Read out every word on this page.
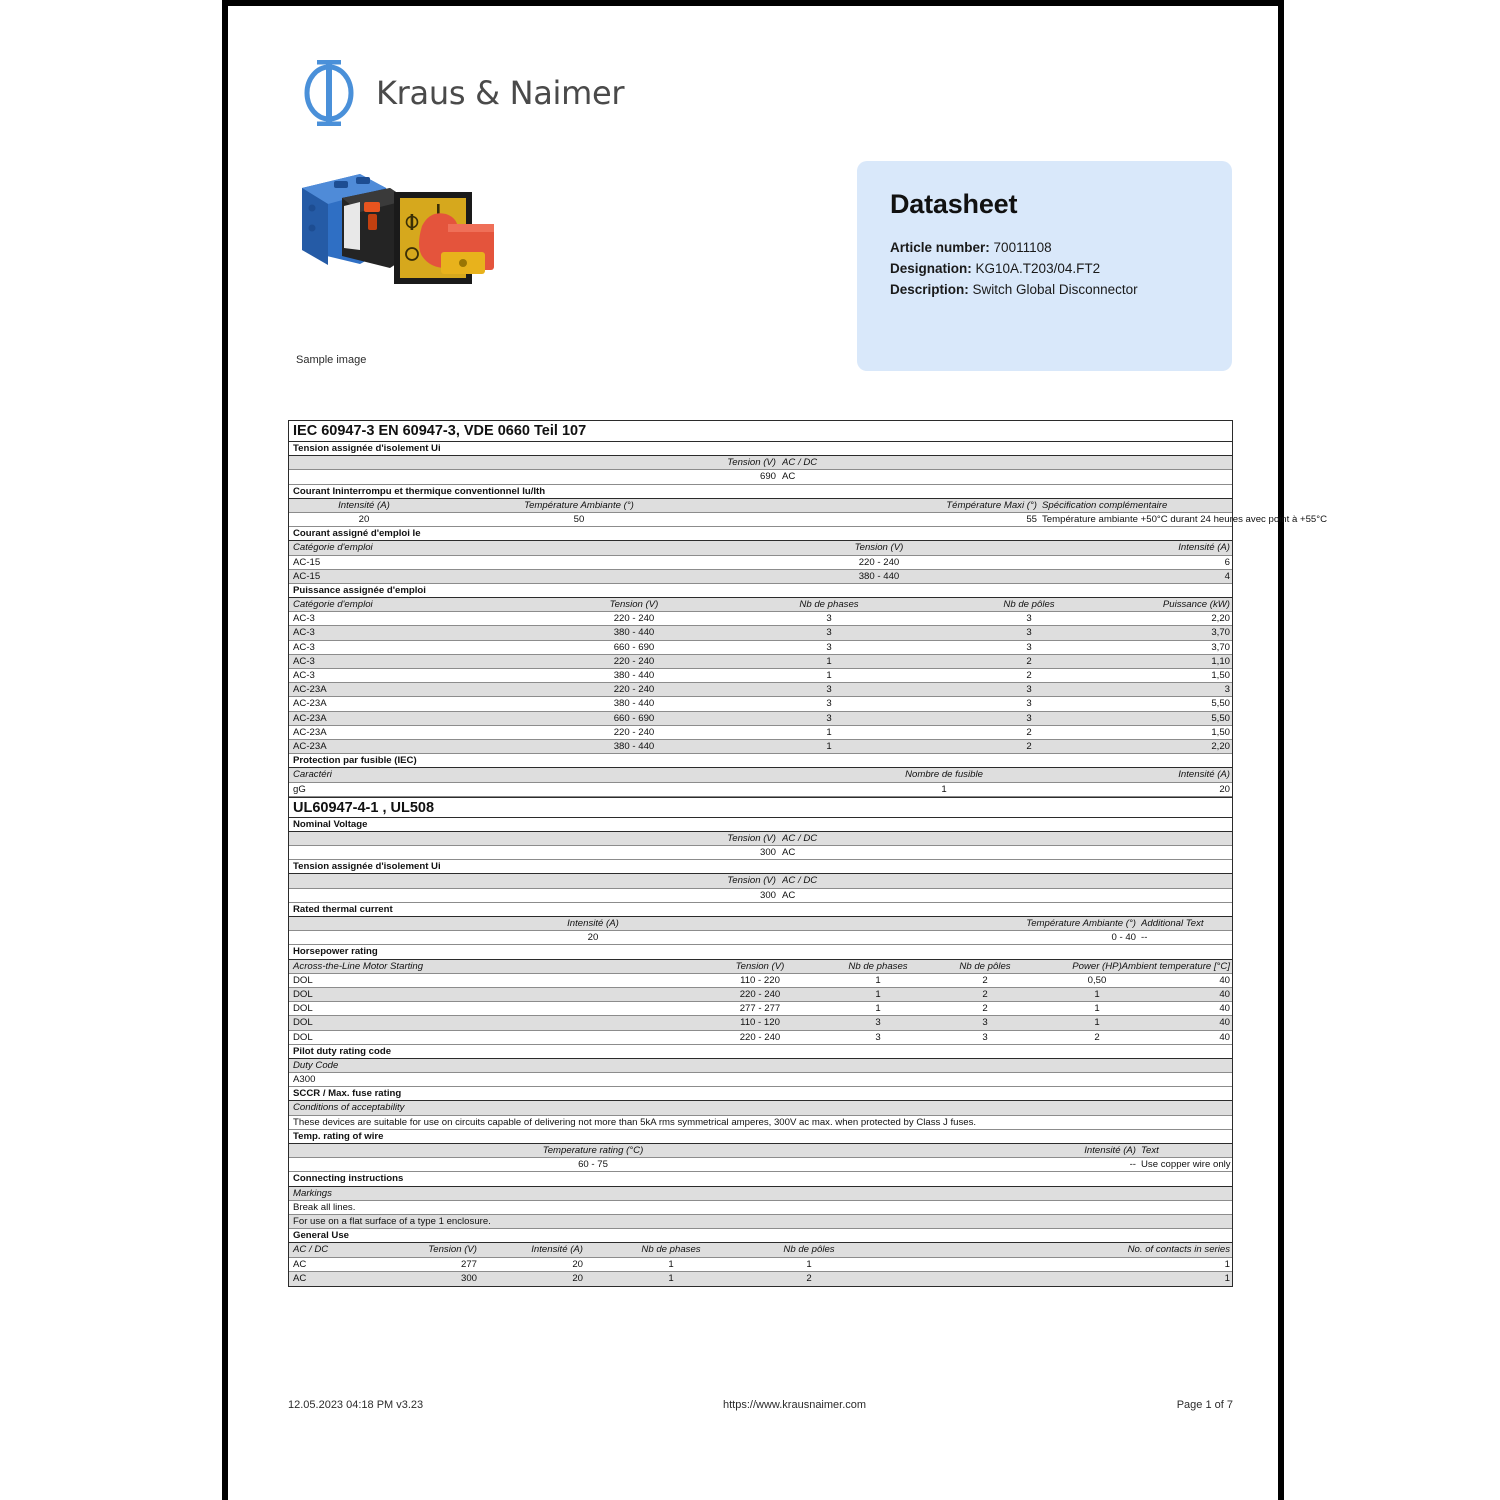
Kraus & Naimer
Sample image
Datasheet
Article number: 70011108
Designation: KG10A.T203/04.FT2
Description: Switch Global Disconnector
IEC 60947-3 EN 60947-3, VDE 0660 Teil 107
Tension assignée d'isolement Ui
Tension (V) AC / DC
690 AC
Courant Ininterrompu et thermique conventionnel Iu/Ith
Intensité (A)	Température Ambiante (°)	Témpérature Maxi (°) Spécification complémentaire
20	50	55 Température ambiante +50°C durant 24 heures avec point à +55°C
Courant assigné d'emploi Ie
Catégorie d'emploi	Tension (V)	Intensité (A)
AC-15	220 - 240	6
AC-15	380 - 440	4
Puissance assignée d'emploi
Catégorie d'emploi	Tension (V)	Nb de phases	Nb de pôles	Puissance (kW)
AC-3	220 - 240	3	3	2,20
AC-3	380 - 440	3	3	3,70
AC-3	660 - 690	3	3	3,70
AC-3	220 - 240	1	2	1,10
AC-3	380 - 440	1	2	1,50
AC-23A	220 - 240	3	3	3
AC-23A	380 - 440	3	3	5,50
AC-23A	660 - 690	3	3	5,50
AC-23A	220 - 240	1	2	1,50
AC-23A	380 - 440	1	2	2,20
Protection par fusible (IEC)
Caractéri	Nombre de fusible	Intensité (A)
gG	1	20
UL60947-4-1 , UL508
Nominal Voltage
Tension (V) AC / DC
300 AC
Tension assignée d'isolement Ui
Tension (V) AC / DC
300 AC
Rated thermal current
Intensité (A)	Température Ambiante (°) Additional Text
20	0 - 40 --
Horsepower rating
Across-the-Line Motor Starting	Tension (V)	Nb de phases	Nb de pôles	Power (HP) Ambient temperature [°C]
DOL	110 - 220	1	2	0,50	40
DOL	220 - 240	1	2	1	40
DOL	277 - 277	1	2	1	40
DOL	110 - 120	3	3	1	40
DOL	220 - 240	3	3	2	40
Pilot duty rating code
Duty Code
A300
SCCR / Max. fuse rating
Conditions of acceptability
These devices are suitable for use on circuits capable of delivering not more than 5kA rms symmetrical amperes, 300V ac max. when protected by Class J fuses.
Temp. rating of wire
Temperature rating (°C)	Intensité (A) Text
60 - 75	-- Use copper wire only
Connecting instructions
Markings
Break all lines.
For use on a flat surface of a type 1 enclosure.
General Use
AC / DC	Tension (V)	Intensité (A)	Nb de phases	Nb de pôles	No. of contacts in series
AC	277	20	1	1	1
AC	300	20	1	2	1
12.05.2023 04:18 PM v3.23	https://www.krausnaimer.com	Page 1 of 7
